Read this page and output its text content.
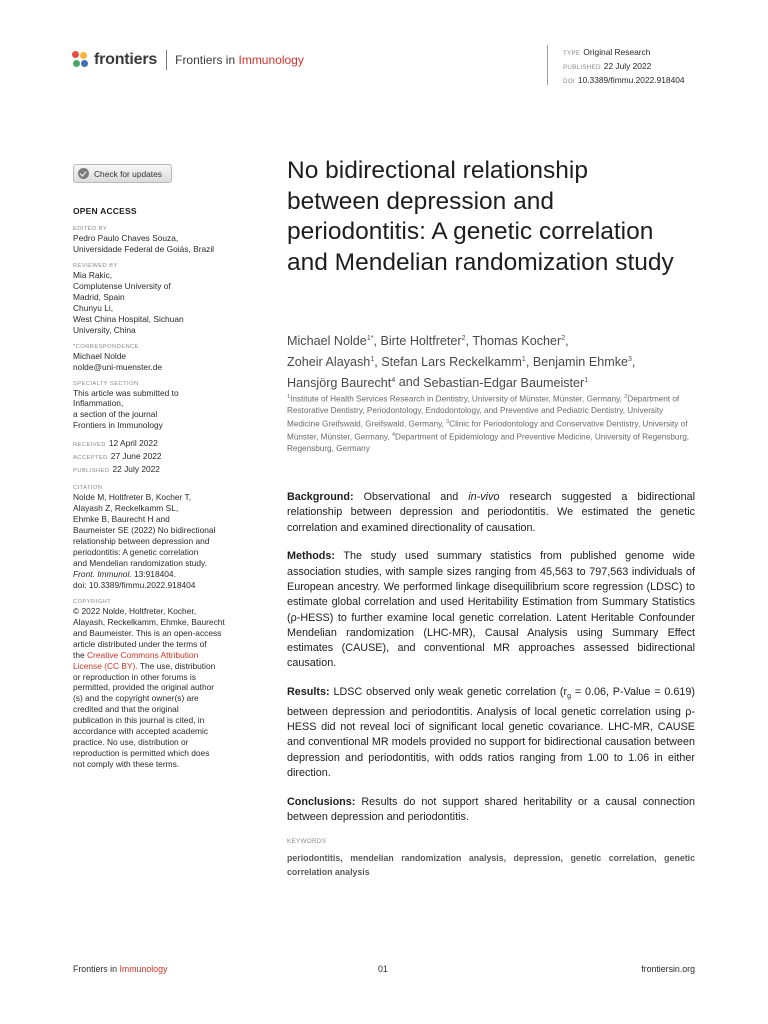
frontiers Frontiers in Immunology	TYPE Original Research
PUBLISHED 22 July 2022
DOI 10.3389/fimmu.2022.918404
Check for updates
OPEN ACCESS
EDITED BY
Pedro Paulo Chaves Souza,
Universidade Federal de Goiás, Brazil
REVIEWED BY
Mia Rakic,
Complutense University of
Madrid, Spain
Chunyu Li,
West China Hospital, Sichuan
University, China
*CORRESPONDENCE
Michael Nolde
nolde@uni-muenster.de
SPECIALTY SECTION
This article was submitted to
Inflammation,
a section of the journal
Frontiers in Immunology
RECEIVED 12 April 2022
ACCEPTED 27 June 2022
PUBLISHED 22 July 2022
CITATION
Nolde M, Holtfreter B, Kocher T,
Alayash Z, Reckelkamm SL,
Ehmke B, Baurecht H and
Baumeister SE (2022) No bidirectional
relationship between depression and
periodontitis: A genetic correlation
and Mendelian randomization study.
Front. Immunol. 13:918404.
doi: 10.3389/fimmu.2022.918404
COPYRIGHT
© 2022 Nolde, Holtfreter, Kocher,
Alayash, Reckelkamm, Ehmke, Baurecht
and Baumeister. This is an open-access
article distributed under the terms of
the Creative Commons Attribution
License (CC BY). The use, distribution
or reproduction in other forums is
permitted, provided the original author
(s) and the copyright owner(s) are
credited and that the original
publication in this journal is cited, in
accordance with accepted academic
practice. No use, distribution or
reproduction is permitted which does
not comply with these terms.
No bidirectional relationship between depression and periodontitis: A genetic correlation and Mendelian randomization study
Michael Nolde$^{1*}$, Birte Holtfreter$^2$, Thomas Kocher$^2$,
Zoheir Alayash$^1$, Stefan Lars Reckelkamm$^1$, Benjamin Ehmke$^3$,
Hansjörg Baurecht$^4$ and Sebastian-Edgar Baumeister$^1$
$^1$Institute of Health Services Research in Dentistry, University of Münster, Münster, Germany, $^2$Department of Restorative Dentistry, Periodontology, Endodontology, and Preventive and Pediatric Dentistry, University Medicine Greifswald, Greifswald, Germany, $^3$Clinic for Periodontology and Conservative Dentistry, University of Münster, Münster, Germany, $^4$Department of Epidemiology and Preventive Medicine, University of Regensburg, Regensburg, Germany

Background: Observational and in-vivo research suggested a bidirectional relationship between depression and periodontitis. We estimated the genetic correlation and examined directionality of causation.

Methods: The study used summary statistics from published genome wide association studies, with sample sizes ranging from 45,563 to 797,563 individuals of European ancestry. We performed linkage disequilibrium score regression (LDSC) to estimate global correlation and used Heritability Estimation from Summary Statistics (ρ-HESS) to further examine local genetic correlation. Latent Heritable Confounder Mendelian randomization (LHC-MR), Causal Analysis using Summary Effect estimates (CAUSE), and conventional MR approaches assessed bidirectional causation.

Results: LDSC observed only weak genetic correlation ($r_g = 0.06$, P-Value = 0.619) between depression and periodontitis. Analysis of local genetic correlation using ρ-HESS did not reveal loci of significant local genetic covariance. LHC-MR, CAUSE and conventional MR models provided no support for bidirectional causation between depression and periodontitis, with odds ratios ranging from 1.00 to 1.06 in either direction.

Conclusions: Results do not support shared heritability or a causal connection between depression and periodontitis.

KEYWORDS
periodontitis, mendelian randomization analysis, depression, genetic correlation, genetic correlation analysis
Frontiers in Immunology	01	frontiersin.org
